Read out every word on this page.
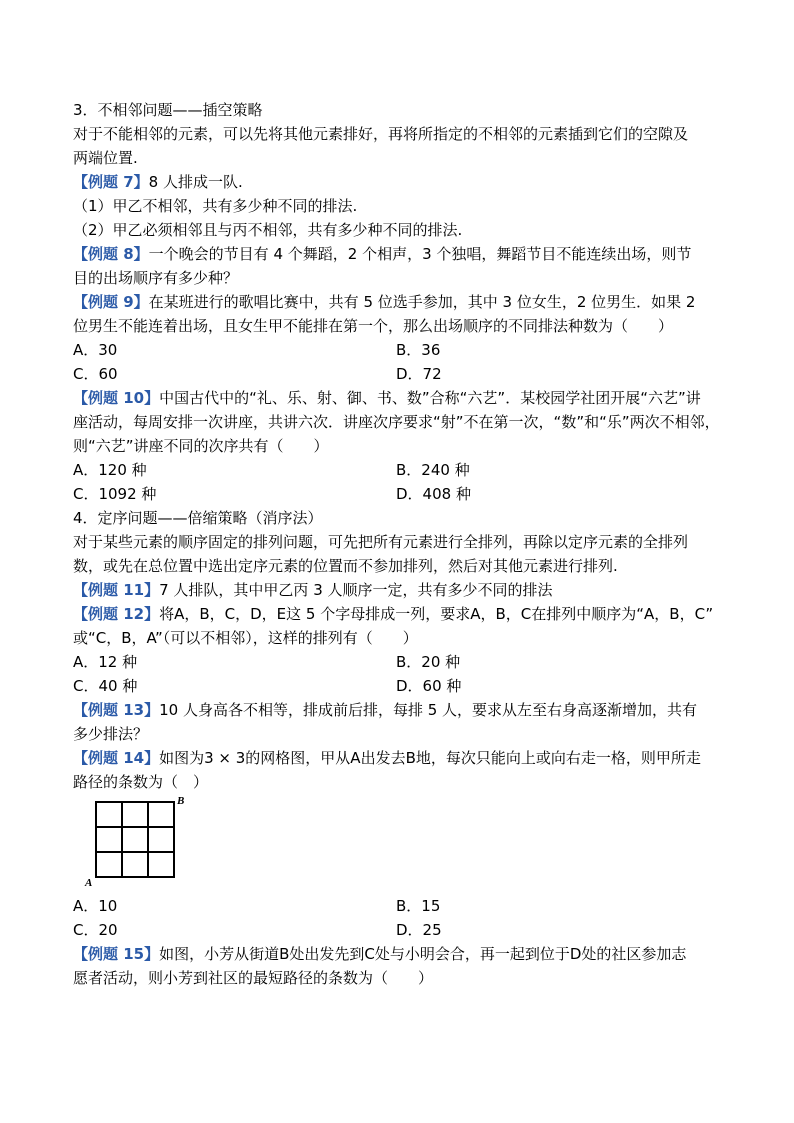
3．不相邻问题——插空策略
对于不能相邻的元素，可以先将其他元素排好，再将所指定的不相邻的元素插到它们的空隙及
两端位置.
【例题 7】8 人排成一队.
（1）甲乙不相邻，共有多少种不同的排法.
（2）甲乙必须相邻且与丙不相邻，共有多少种不同的排法.
【例题 8】一个晚会的节目有 4 个舞蹈，2 个相声，3 个独唱，舞蹈节目不能连续出场，则节
目的出场顺序有多少种？
【例题 9】在某班进行的歌唱比赛中，共有 5 位选手参加，其中 3 位女生，2 位男生．如果 2
位男生不能连着出场，且女生甲不能排在第一个，那么出场顺序的不同排法种数为（　　）
A．30	B．36
C．60	D．72
【例题 10】中国古代中的“礼、乐、射、御、书、数”合称“六艺”．某校园学社团开展“六艺”讲
座活动，每周安排一次讲座，共讲六次．讲座次序要求“射”不在第一次，“数”和“乐”两次不相邻，
则“六艺”讲座不同的次序共有（　　）
A．120 种	B．240 种
C．1092 种	D．408 种
4．定序问题——倍缩策略（消序法）
对于某些元素的顺序固定的排列问题，可先把所有元素进行全排列，再除以定序元素的全排列
数，或先在总位置中选出定序元素的位置而不参加排列，然后对其他元素进行排列.
【例题 11】7 人排队，其中甲乙丙 3 人顺序一定，共有多少不同的排法
【例题 12】将A，B，C，D，E这 5 个字母排成一列，要求A，B，C在排列中顺序为“A，B，C”
或“C，B，A”（可以不相邻），这样的排列有（　　）
A．12 种	B．20 种
C．40 种	D．60 种
【例题 13】10 人身高各不相等，排成前后排，每排 5 人，要求从左至右身高逐渐增加，共有
多少排法？
【例题 14】如图为3 × 3的网格图，甲从A出发去B地，每次只能向上或向右走一格，则甲所走
路径的条数为（　）
A
B
A．10	B．15
C．20	D．25
【例题 15】如图，小芳从街道B处出发先到C处与小明会合，再一起到位于D处的社区参加志
愿者活动，则小芳到社区的最短路径的条数为（　　）
